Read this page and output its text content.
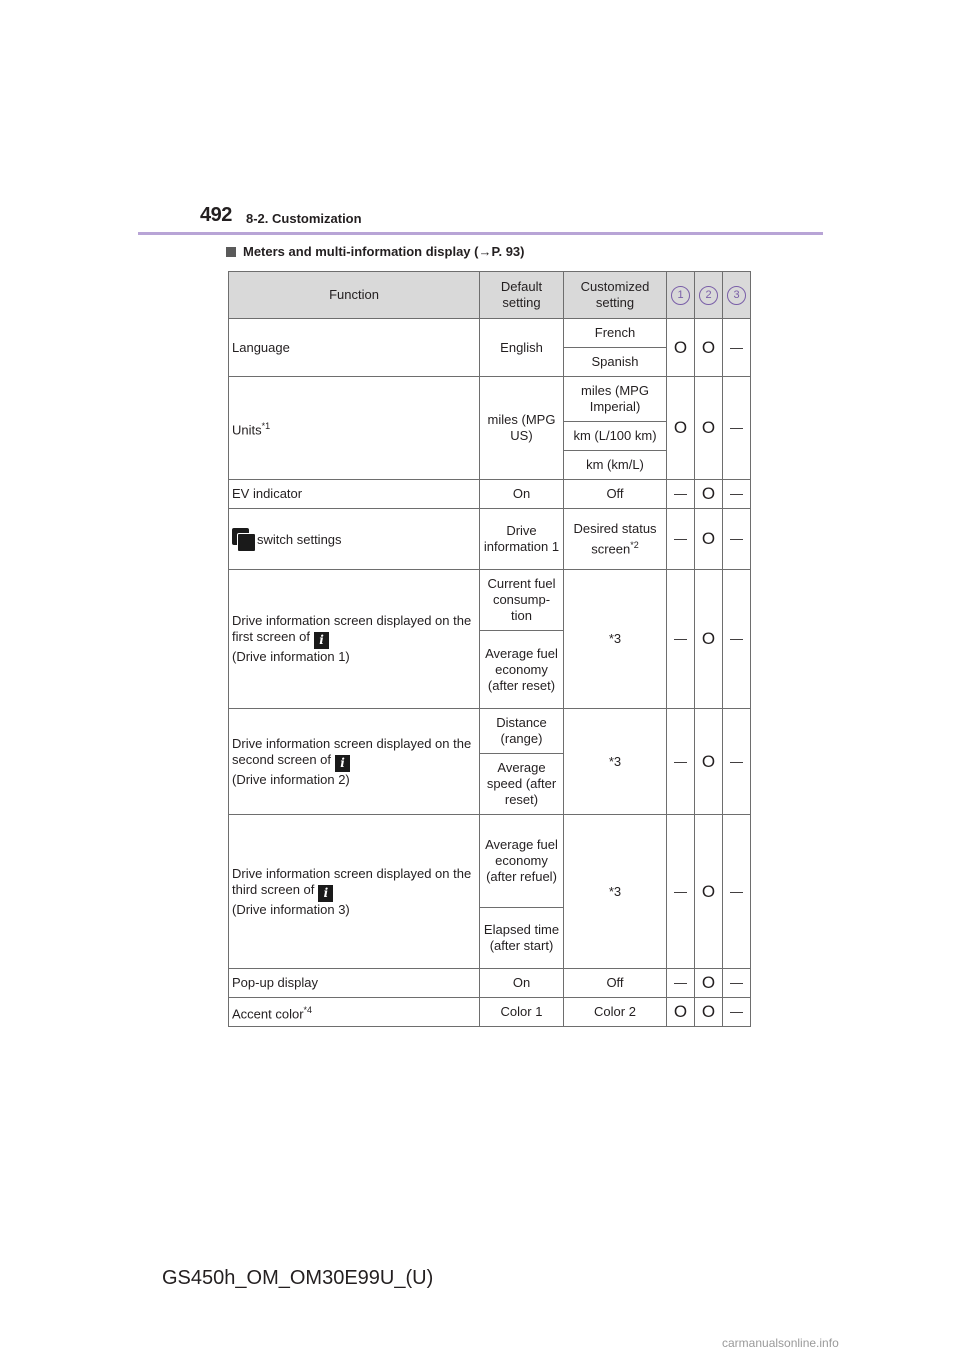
492 8-2. Customization
Meters and multi-information display (→P. 93)
Function	Default setting	Customized setting	1	2	3
Language	English	French	O	O	—
		Spanish			
Units$^{*1}$	miles (MPG US)	miles (MPG Imperial)	O	O	—
		km (L/100 km)			
		km (km/L)			
EV indicator	On	Off	—	O	—

switch settings	Drive information 1	Desired status screen$^{*2}$	—	O	—
Drive information screen displayed on the first screen of i
(Drive information 1)	Current fuel consump-tion	*3	—	O	—
	Average fuel economy (after reset)				
Drive information screen displayed on the second screen of i
(Drive information 2)	Distance (range)	*3	—	O	—
	Average speed (after reset)				
Drive information screen displayed on the third screen of i
(Drive information 3)	Average fuel economy (after refuel)	*3	—	O	—
	Elapsed time (after start)				
Pop-up display	On	Off	—	O	—
Accent color$^{*4}$	Color 1	Color 2	O	O	—
GS450h_OM_OM30E99U_(U)
carmanualsonline.info
